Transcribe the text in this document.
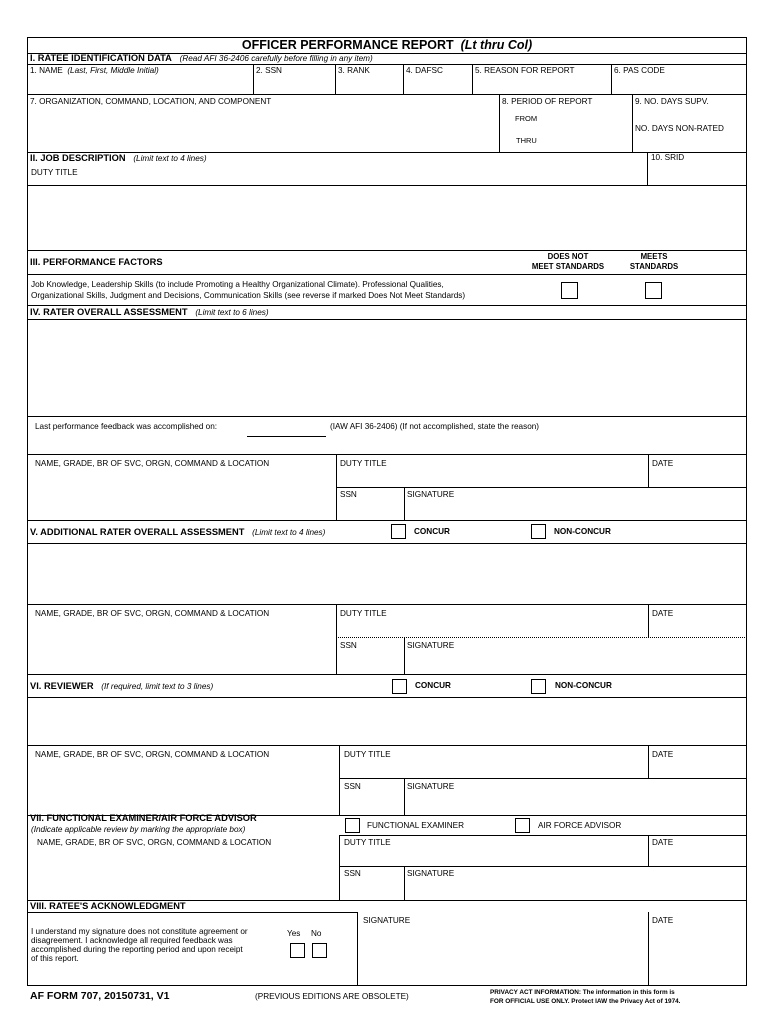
OFFICER PERFORMANCE REPORT (Lt thru Col)
I. RATEE IDENTIFICATION DATA (Read AFI 36-2406 carefully before filling in any item)
1. NAME (Last, First, Middle Initial)	2. SSN	3. RANK	4. DAFSC	5. REASON FOR REPORT	6. PAS CODE
7. ORGANIZATION, COMMAND, LOCATION, AND COMPONENT	8. PERIOD OF REPORT
FROM
THRU
9. NO. DAYS SUPV.
NO. DAYS NON-RATED
II. JOB DESCRIPTION (Limit text to 4 lines)
DUTY TITLE
10. SRID
III. PERFORMANCE FACTORS
DOES NOT
MEET STANDARDS
MEETS
STANDARDS
Job Knowledge, Leadership Skills (to include Promoting a Healthy Organizational Climate). Professional Qualities,
Organizational Skills, Judgment and Decisions, Communication Skills (see reverse if marked Does Not Meet Standards)
IV. RATER OVERALL ASSESSMENT (Limit text to 6 lines)
Last performance feedback was accomplished on:	(IAW AFI 36-2406) (If not accomplished, state the reason)
NAME, GRADE, BR OF SVC, ORGN, COMMAND & LOCATION	DUTY TITLE	DATE
SSN	SIGNATURE
V. ADDITIONAL RATER OVERALL ASSESSMENT (Limit text to 4 lines)	CONCUR	NON-CONCUR
NAME, GRADE, BR OF SVC, ORGN, COMMAND & LOCATION	DUTY TITLE	DATE
SSN	SIGNATURE
VI. REVIEWER (If required, limit text to 3 lines)	CONCUR	NON-CONCUR
NAME, GRADE, BR OF SVC, ORGN, COMMAND & LOCATION	DUTY TITLE	DATE
SSN	SIGNATURE
VII. FUNCTIONAL EXAMINER/AIR FORCE ADVISOR
(Indicate applicable review by marking the appropriate box)	FUNCTIONAL EXAMINER	AIR FORCE ADVISOR
NAME, GRADE, BR OF SVC, ORGN, COMMAND & LOCATION	DUTY TITLE	DATE
SSN	SIGNATURE
VIII. RATEE'S ACKNOWLEDGMENT
I understand my signature does not constitute agreement or
disagreement. I acknowledge all required feedback was
accomplished during the reporting period and upon receipt
of this report.
Yes No
SIGNATURE	DATE
AF FORM 707, 20150731, V1	(PREVIOUS EDITIONS ARE OBSOLETE)	PRIVACY ACT INFORMATION: The information in this form is
FOR OFFICIAL USE ONLY. Protect IAW the Privacy Act of 1974.
